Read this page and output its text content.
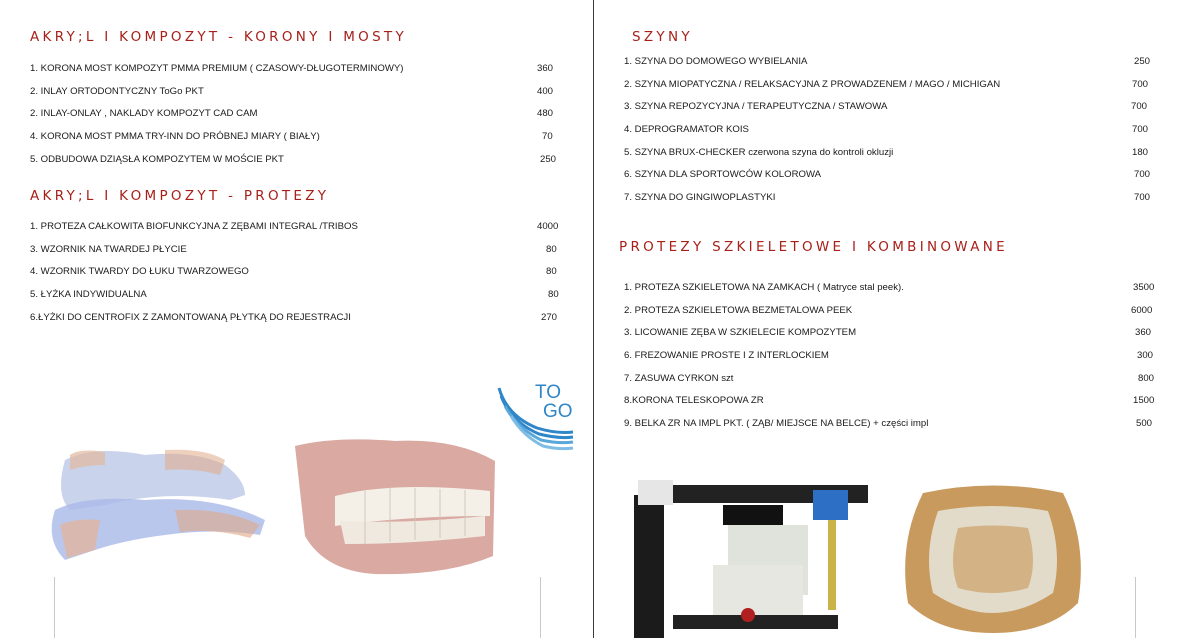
AKRY;L I KOMPOZYT - KORONY I MOSTY
1. KORONA MOST KOMPOZYT PMMA PREMIUM ( CZASOWY-DŁUGOTERMINOWY)	360
2. INLAY ORTODONTYCZNY ToGo PKT	400
2. INLAY-ONLAY , NAKLADY KOMPOZYT CAD CAM	480
4. KORONA MOST PMMA TRY-INN DO PRÓBNEJ MIARY ( BIAŁY)	70
5. ODBUDOWA DZIĄSŁA KOMPOZYTEM W MOŚCIE PKT	250
AKRY;L I KOMPOZYT - PROTEZY
1. PROTEZA CAŁKOWITA BIOFUNKCYJNA Z ZĘBAMI INTEGRAL /TRIBOS	4000
3. WZORNIK NA TWARDEJ PŁYCIE	80
4. WZORNIK TWARDY DO ŁUKU TWARZOWEGO	80
5. ŁYŻKA INDYWIDUALNA	80
6.ŁYŻKI DO CENTROFIX Z ZAMONTOWANĄ PŁYTKĄ DO REJESTRACJI	270
TO
GO
SZYNY
1. SZYNA DO DOMOWEGO WYBIELANIA	250
2. SZYNA MIOPATYCZNA / RELAKSACYJNA Z PROWADZENEM / MAGO / MICHIGAN	700
3. SZYNA REPOZYCYJNA / TERAPEUTYCZNA / STAWOWA	700
4. DEPROGRAMATOR KOIS	700
5. SZYNA BRUX-CHECKER czerwona szyna do kontroli okluzji	180
6. SZYNA DLA SPORTOWCÓW KOLOROWA	700
7. SZYNA DO GINGIWOPLASTYKI	700
PROTEZY SZKIELETOWE I KOMBINOWANE
1. PROTEZA SZKIELETOWA NA ZAMKACH ( Matryce stal peek).	3500
2. PROTEZA SZKIELETOWA BEZMETALOWA PEEK	6000
3. LICOWANIE ZĘBA W SZKIELECIE KOMPOZYTEM	360
6. FREZOWANIE PROSTE I Z INTERLOCKIEM	300
7. ZASUWA CYRKON szt	800
8.KORONA TELESKOPOWA ZR	1500
9. BELKA ZR NA IMPL PKT. ( ZĄB/ MIEJSCE NA BELCE) + części impl	500
